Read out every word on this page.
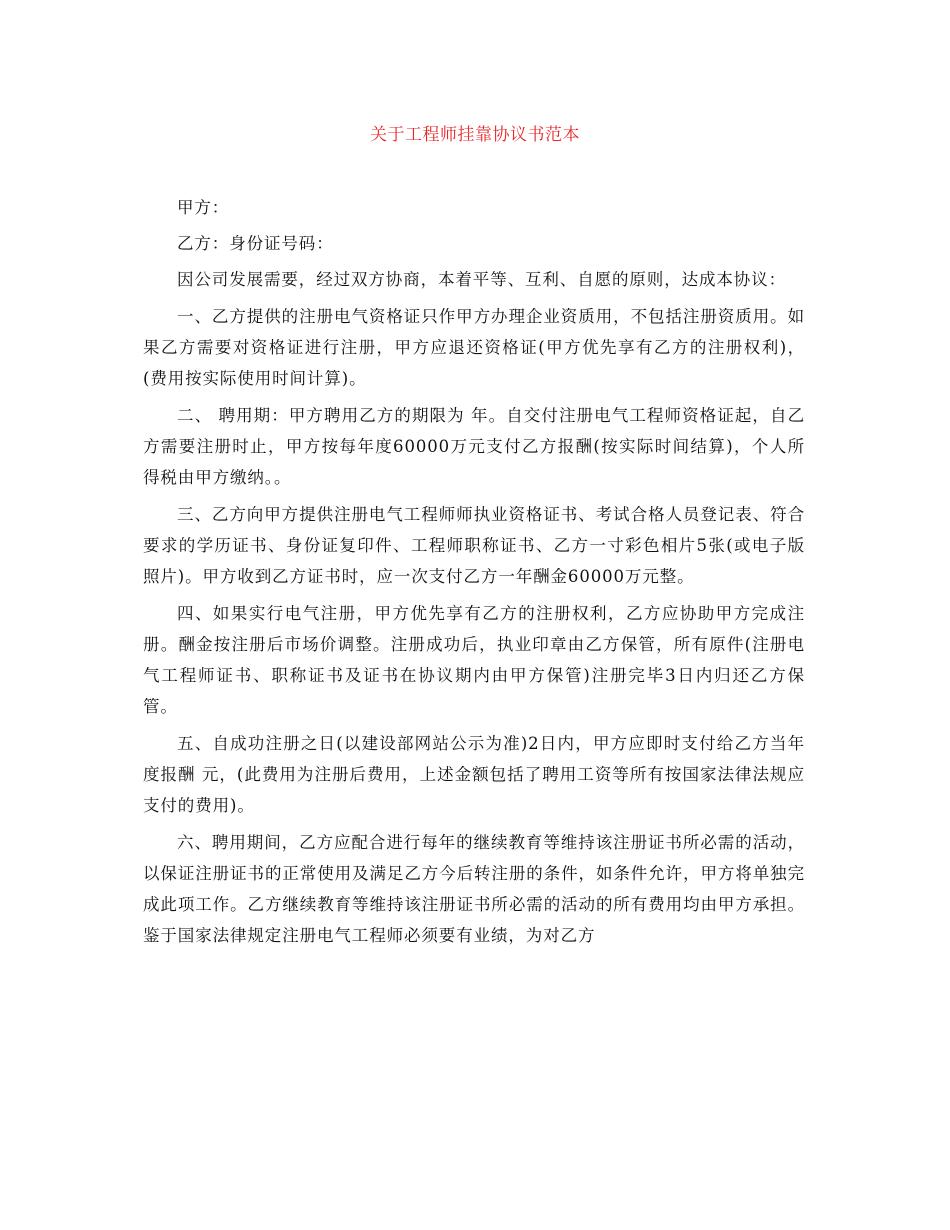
关于工程师挂靠协议书范本

甲方：

乙方：身份证号码：

因公司发展需要，经过双方协商，本着平等、互利、自愿的原则，达成本协议：

一、乙方提供的注册电气资格证只作甲方办理企业资质用，不包括注册资质用。如果乙方需要对资格证进行注册，甲方应退还资格证(甲方优先享有乙方的注册权利)，(费用按实际使用时间计算)。

二、 聘用期：甲方聘用乙方的期限为 年。自交付注册电气工程师资格证起，自乙方需要注册时止，甲方按每年度60000万元支付乙方报酬(按实际时间结算)，个人所得税由甲方缴纳。。

三、乙方向甲方提供注册电气工程师师执业资格证书、考试合格人员登记表、符合要求的学历证书、身份证复印件、工程师职称证书、乙方一寸彩色相片5张(或电子版照片)。甲方收到乙方证书时，应一次支付乙方一年酬金60000万元整。

四、如果实行电气注册，甲方优先享有乙方的注册权利，乙方应协助甲方完成注册。酬金按注册后市场价调整。注册成功后，执业印章由乙方保管，所有原件(注册电气工程师证书、职称证书及证书在协议期内由甲方保管)注册完毕3日内归还乙方保管。

五、自成功注册之日(以建设部网站公示为准)2日内，甲方应即时支付给乙方当年度报酬 元，(此费用为注册后费用，上述金额包括了聘用工资等所有按国家法律法规应支付的费用)。

六、聘用期间，乙方应配合进行每年的继续教育等维持该注册证书所必需的活动，以保证注册证书的正常使用及满足乙方今后转注册的条件，如条件允许，甲方将单独完成此项工作。乙方继续教育等维持该注册证书所必需的活动的所有费用均由甲方承担。鉴于国家法律规定注册电气工程师必须要有业绩，为对乙方
